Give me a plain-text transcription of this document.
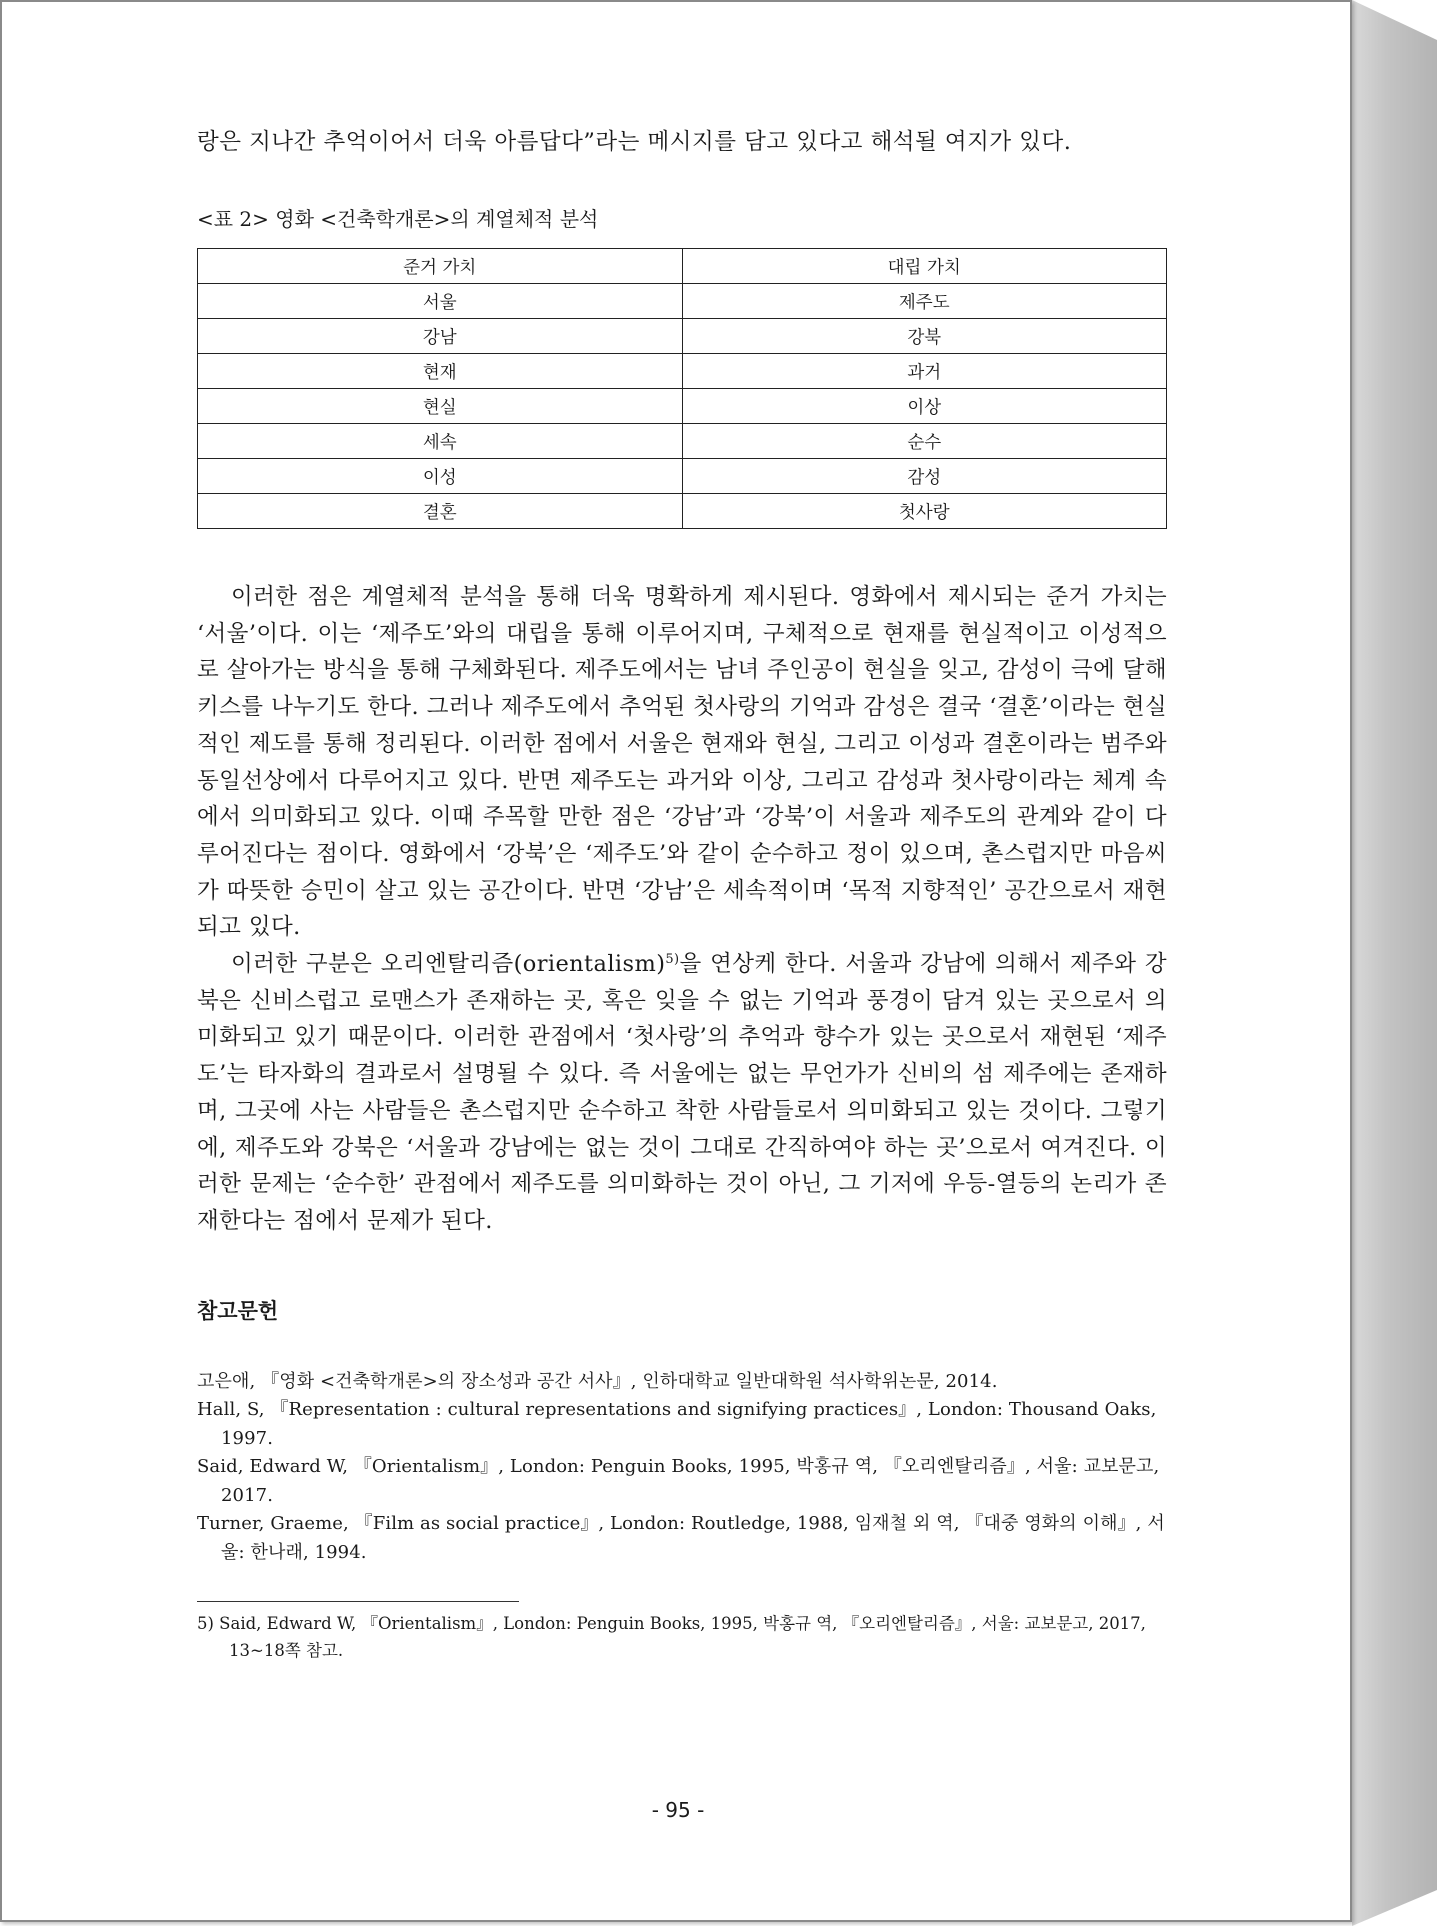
랑은 지나간 추억이어서 더욱 아름답다”라는 메시지를 담고 있다고 해석될 여지가 있다.
<표 2> 영화 <건축학개론>의 계열체적 분석
준거 가치	대립 가치
서울	제주도
강남	강북
현재	과거
현실	이상
세속	순수
이성	감성
결혼	첫사랑

이러한 점은 계열체적 분석을 통해 더욱 명확하게 제시된다. 영화에서 제시되는 준거 가치는 ‘서울’이다. 이는 ‘제주도’와의 대립을 통해 이루어지며, 구체적으로 현재를 현실적이고 이성적으로 살아가는 방식을 통해 구체화된다. 제주도에서는 남녀 주인공이 현실을 잊고, 감성이 극에 달해 키스를 나누기도 한다. 그러나 제주도에서 추억된 첫사랑의 기억과 감성은 결국 ‘결혼’이라는 현실적인 제도를 통해 정리된다. 이러한 점에서 서울은 현재와 현실, 그리고 이성과 결혼이라는 범주와 동일선상에서 다루어지고 있다. 반면 제주도는 과거와 이상, 그리고 감성과 첫사랑이라는 체계 속에서 의미화되고 있다. 이때 주목할 만한 점은 ‘강남’과 ‘강북’이 서울과 제주도의 관계와 같이 다루어진다는 점이다. 영화에서 ‘강북’은 ‘제주도’와 같이 순수하고 정이 있으며, 촌스럽지만 마음씨가 따뜻한 승민이 살고 있는 공간이다. 반면 ‘강남’은 세속적이며 ‘목적 지향적인’ 공간으로서 재현되고 있다.

이러한 구분은 오리엔탈리즘(orientalism)$^{5)}$을 연상케 한다. 서울과 강남에 의해서 제주와 강북은 신비스럽고 로맨스가 존재하는 곳, 혹은 잊을 수 없는 기억과 풍경이 담겨 있는 곳으로서 의미화되고 있기 때문이다. 이러한 관점에서 ‘첫사랑’의 추억과 향수가 있는 곳으로서 재현된 ‘제주도’는 타자화의 결과로서 설명될 수 있다. 즉 서울에는 없는 무언가가 신비의 섬 제주에는 존재하며, 그곳에 사는 사람들은 촌스럽지만 순수하고 착한 사람들로서 의미화되고 있는 것이다. 그렇기에, 제주도와 강북은 ‘서울과 강남에는 없는 것이 그대로 간직하여야 하는 곳’으로서 여겨진다. 이러한 문제는 ‘순수한’ 관점에서 제주도를 의미화하는 것이 아닌, 그 기저에 우등-열등의 논리가 존재한다는 점에서 문제가 된다.

참고문헌
고은애, 『영화 <건축학개론>의 장소성과 공간 서사』, 인하대학교 일반대학원 석사학위논문, 2014.
Hall, S, 『Representation : cultural representations and signifying practices』, London: Thousand Oaks, 1997.
Said, Edward W, 『Orientalism』, London: Penguin Books, 1995, 박홍규 역, 『오리엔탈리즘』, 서울: 교보문고, 2017.
Turner, Graeme, 『Film as social practice』, London: Routledge, 1988, 임재철 외 역, 『대중 영화의 이해』, 서울: 한나래, 1994.
5) Said, Edward W, 『Orientalism』, London: Penguin Books, 1995, 박홍규 역, 『오리엔탈리즘』, 서울: 교보문고, 2017, 13~18쪽 참고.
- 95 -
